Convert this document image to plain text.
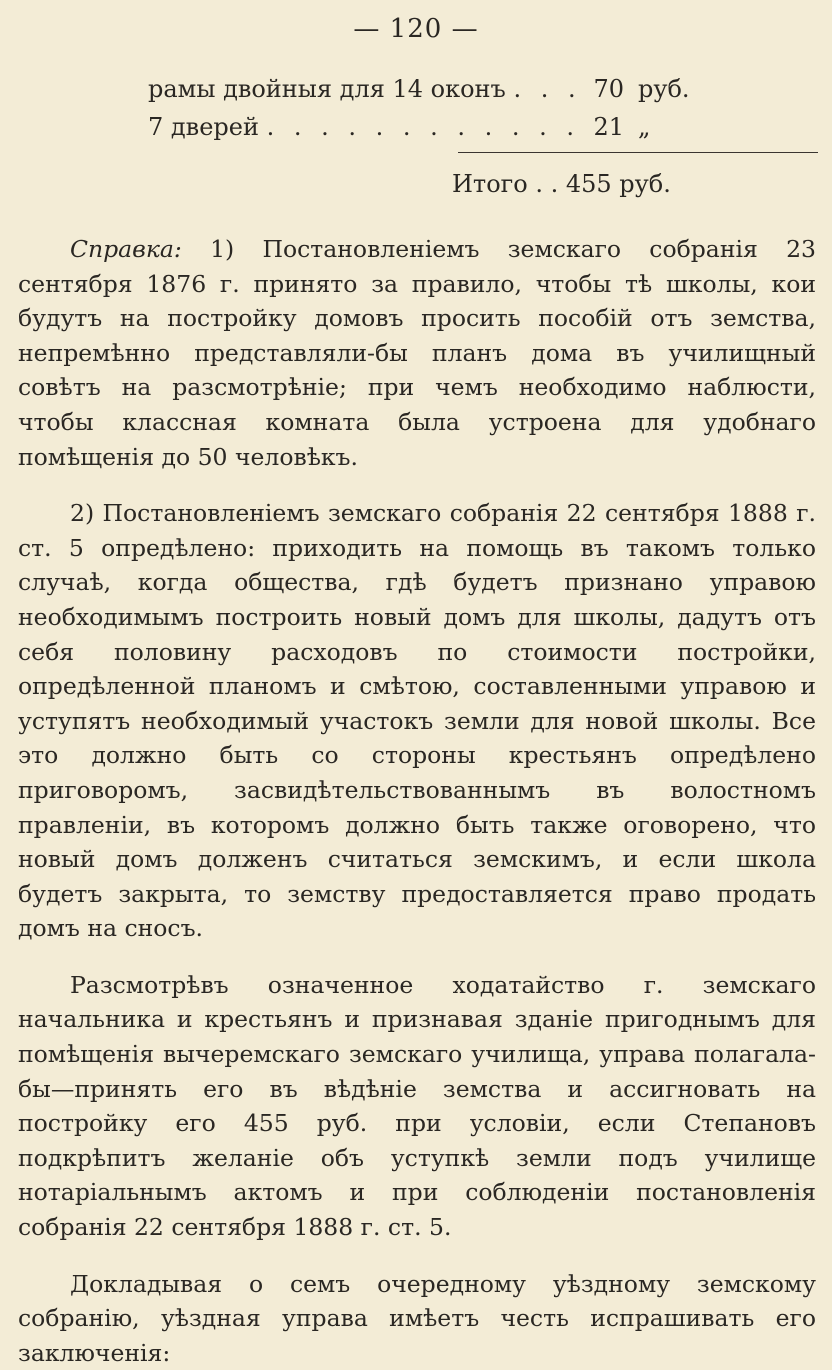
— 120 —
рамы двойныя для 14 оконъ . . . 70 руб.
7 дверей . . . . . . . . . . . . 21 „
Итого . . 455 руб.

Справка: 1) Постановленіемъ земскаго собранія 23 сентября 1876 г. принято за правило, чтобы тѣ школы, кои будутъ на постройку домовъ просить пособій отъ земства, непремѣнно представляли-бы планъ дома въ училищный совѣтъ на разсмотрѣніе; при чемъ необходимо наблюсти, чтобы классная комната была устроена для удобнаго помѣщенія до 50 человѣкъ.

2) Постановленіемъ земскаго собранія 22 сентября 1888 г. ст. 5 опредѣлено: приходить на помощь въ такомъ только случаѣ, когда общества, гдѣ будетъ признано управою необходимымъ построить новый домъ для школы, дадутъ отъ себя половину расходовъ по стоимости постройки, опредѣленной планомъ и смѣтою, составленными управою и уступятъ необходимый участокъ земли для новой школы. Все это должно быть со стороны крестьянъ опредѣлено приговоромъ, засвидѣтельствованнымъ въ волостномъ правленіи, въ которомъ должно быть также оговорено, что новый домъ долженъ считаться земскимъ, и если школа будетъ закрыта, то земству предоставляется право продать домъ на сносъ.

Разсмотрѣвъ означенное ходатайство г. земскаго начальника и крестьянъ и признавая зданіе пригоднымъ для помѣщенія вычеремскаго земскаго училища, управа полагала-бы—принять его въ вѣдѣніе земства и ассигновать на постройку его 455 руб. при условіи, если Степановъ подкрѣпитъ желаніе объ уступкѣ земли подъ училище нотаріальнымъ актомъ и при соблюденіи постановленія собранія 22 сентября 1888 г. ст. 5.

Докладывая о семъ очередному уѣздному земскому собранію, уѣздная управа имѣетъ честь испрашивать его заключенія:
